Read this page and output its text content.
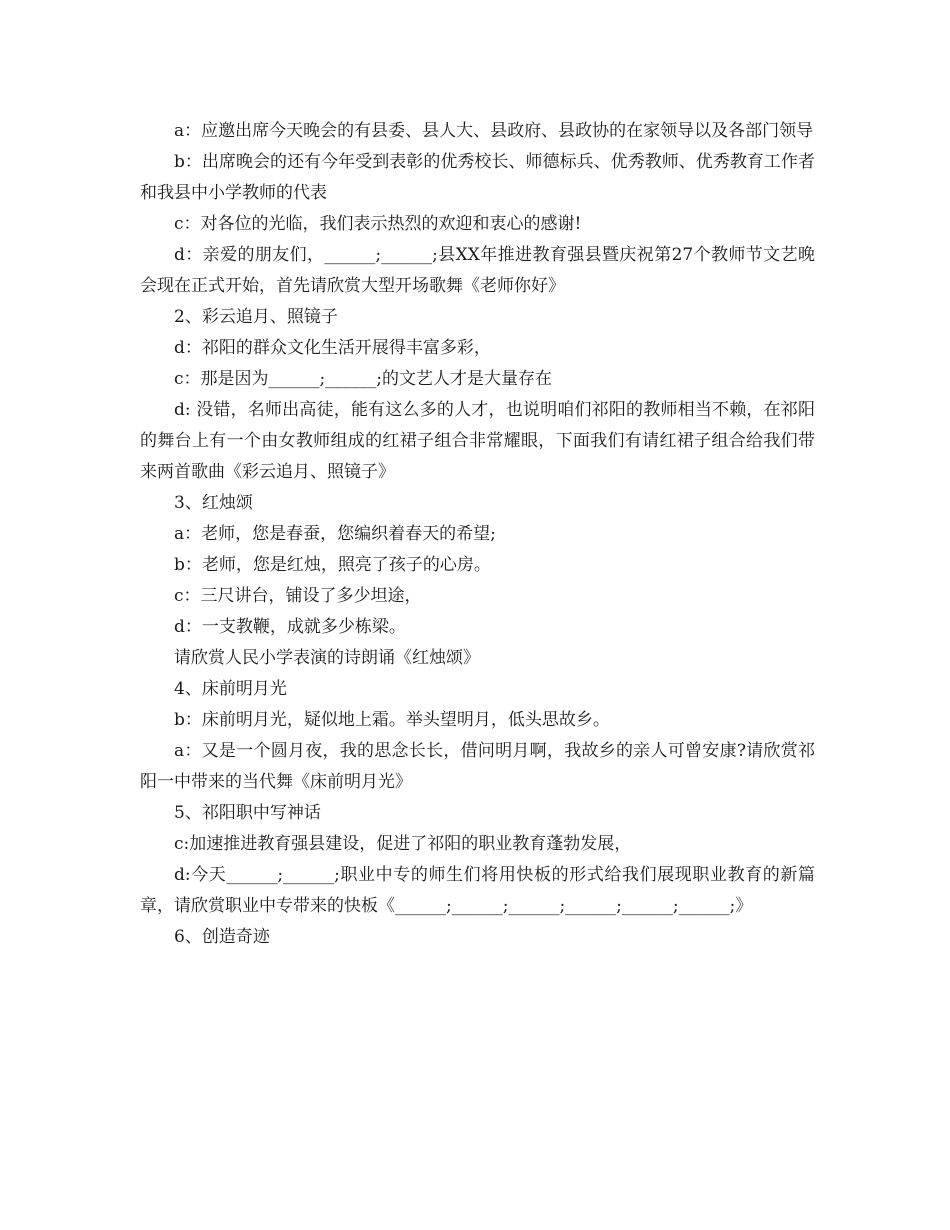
a：应邀出席今天晚会的有县委、县人大、县政府、县政协的在家领导以及各部门领导

b：出席晚会的还有今年受到表彰的优秀校长、师德标兵、优秀教师、优秀教育工作者和我县中小学教师的代表

c：对各位的光临，我们表示热烈的欢迎和衷心的感谢!

d：亲爱的朋友们，______;______;县XX年推进教育强县暨庆祝第27个教师节文艺晚会现在正式开始，首先请欣赏大型开场歌舞《老师你好》

2、彩云追月、照镜子

d：祁阳的群众文化生活开展得丰富多彩，

c：那是因为______;______;的文艺人才是大量存在

d: 没错，名师出高徒，能有这么多的人才，也说明咱们祁阳的教师相当不赖，在祁阳的舞台上有一个由女教师组成的红裙子组合非常耀眼，下面我们有请红裙子组合给我们带来两首歌曲《彩云追月、照镜子》

3、红烛颂

a：老师，您是春蚕，您编织着春天的希望;

b：老师，您是红烛，照亮了孩子的心房。

c：三尺讲台，铺设了多少坦途，

d：一支教鞭，成就多少栋梁。

请欣赏人民小学表演的诗朗诵《红烛颂》

4、床前明月光

b：床前明月光，疑似地上霜。举头望明月，低头思故乡。

a：又是一个圆月夜，我的思念长长，借问明月啊，我故乡的亲人可曾安康?请欣赏祁阳一中带来的当代舞《床前明月光》

5、祁阳职中写神话

c:加速推进教育强县建设，促进了祁阳的职业教育蓬勃发展，

d:今天______;______;职业中专的师生们将用快板的形式给我们展现职业教育的新篇章，请欣赏职业中专带来的快板《______;______;______;______;______;______;》

6、创造奇迹
